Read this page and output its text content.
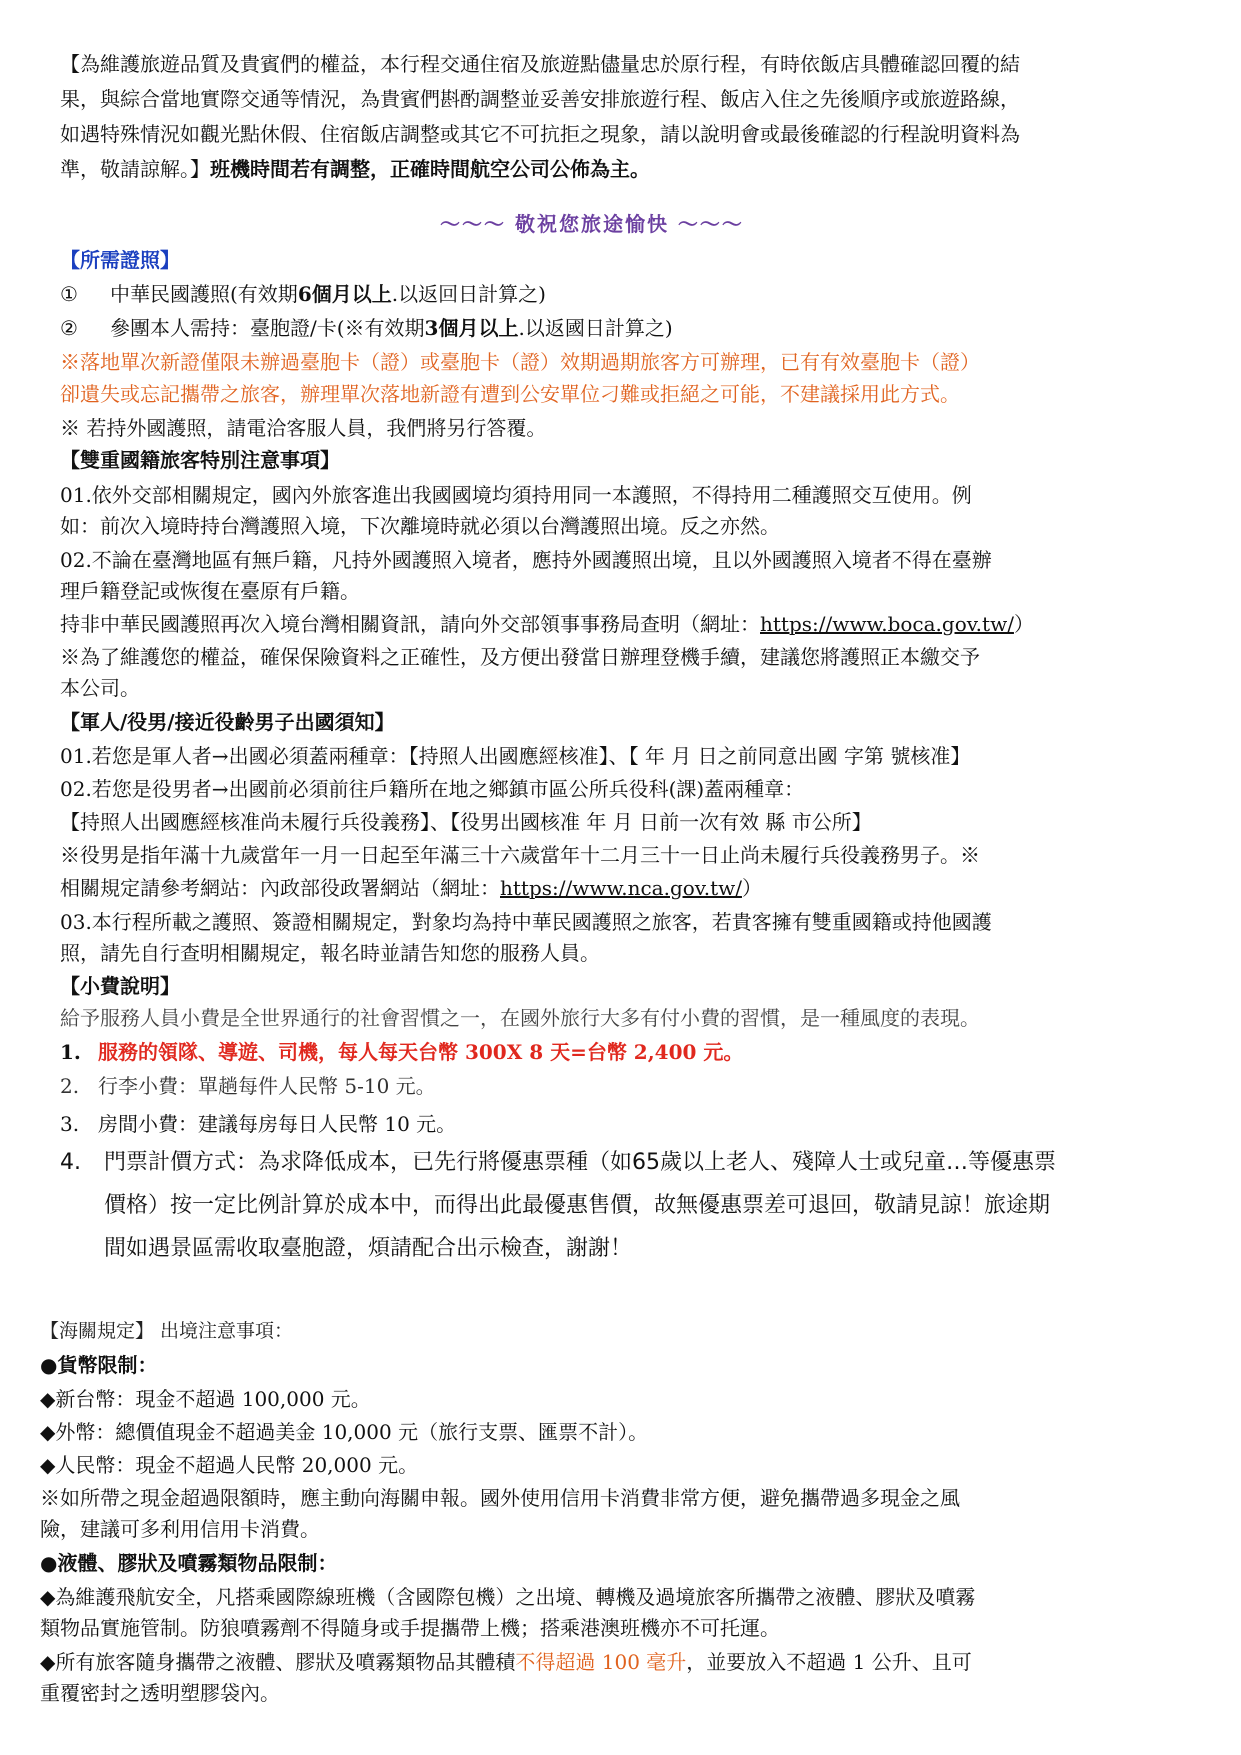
【為維護旅遊品質及貴賓們的權益，本行程交通住宿及旅遊點儘量忠於原行程，有時依飯店具體確認回覆的結
果，與綜合當地實際交通等情況，為貴賓們斟酌調整並妥善安排旅遊行程、飯店入住之先後順序或旅遊路線，
如遇特殊情況如觀光點休假、住宿飯店調整或其它不可抗拒之現象，請以說明會或最後確認的行程說明資料為
準，敬請諒解。】班機時間若有調整，正確時間航空公司公佈為主。
～～～ 敬祝您旅途愉快 ～～～
【所需證照】
① 中華民國護照(有效期6個月以上.以返回日計算之)
② 參團本人需持：臺胞證/卡(※有效期3個月以上.以返國日計算之)
※落地單次新證僅限未辦過臺胞卡（證）或臺胞卡（證）效期過期旅客方可辦理，已有有效臺胞卡（證）
卻遺失或忘記攜帶之旅客，辦理單次落地新證有遭到公安單位刁難或拒絕之可能，不建議採用此方式。
※ 若持外國護照，請電洽客服人員，我們將另行答覆。
【雙重國籍旅客特別注意事項】
01.依外交部相關規定，國內外旅客進出我國國境均須持用同一本護照，不得持用二種護照交互使用。例
如：前次入境時持台灣護照入境，下次離境時就必須以台灣護照出境。反之亦然。
02.不論在臺灣地區有無戶籍，凡持外國護照入境者，應持外國護照出境，且以外國護照入境者不得在臺辦
理戶籍登記或恢復在臺原有戶籍。
持非中華民國護照再次入境台灣相關資訊，請向外交部領事事務局查明（網址：https://www.boca.gov.tw/）
※為了維護您的權益，確保保險資料之正確性，及方便出發當日辦理登機手續，建議您將護照正本繳交予
本公司。
【軍人/役男/接近役齡男子出國須知】
01.若您是軍人者→出國必須蓋兩種章：【持照人出國應經核准】、【 年 月 日之前同意出國 字第 號核准】
02.若您是役男者→出國前必須前往戶籍所在地之鄉鎮市區公所兵役科(課)蓋兩種章：
【持照人出國應經核准尚未履行兵役義務】、【役男出國核准 年 月 日前一次有效 縣 市公所】
※役男是指年滿十九歲當年一月一日起至年滿三十六歲當年十二月三十一日止尚未履行兵役義務男子。※
相關規定請參考網站：內政部役政署網站（網址：https://www.nca.gov.tw/）
03.本行程所載之護照、簽證相關規定，對象均為持中華民國護照之旅客，若貴客擁有雙重國籍或持他國護
照，請先自行查明相關規定，報名時並請告知您的服務人員。
【小費說明】
給予服務人員小費是全世界通行的社會習慣之一，在國外旅行大多有付小費的習慣，是一種風度的表現。
1. 服務的領隊、導遊、司機，每人每天台幣 300X 8 天=台幣 2,400 元。
2. 行李小費：單趟每件人民幣 5-10 元。
3. 房間小費：建議每房每日人民幣 10 元。
4. 門票計價方式：為求降低成本，已先行將優惠票種（如65歲以上老人、殘障人士或兒童…等優惠票
價格）按一定比例計算於成本中，而得出此最優惠售價，故無優惠票差可退回，敬請見諒！旅途期
間如遇景區需收取臺胞證，煩請配合出示檢查，謝謝！
【海關規定】 出境注意事項：
●貨幣限制：
◆新台幣：現金不超過 100,000 元。
◆外幣：總價值現金不超過美金 10,000 元（旅行支票、匯票不計）。
◆人民幣：現金不超過人民幣 20,000 元。
※如所帶之現金超過限額時，應主動向海關申報。國外使用信用卡消費非常方便，避免攜帶過多現金之風
險，建議可多利用信用卡消費。
●液體、膠狀及噴霧類物品限制：
◆為維護飛航安全，凡搭乘國際線班機（含國際包機）之出境、轉機及過境旅客所攜帶之液體、膠狀及噴霧
類物品實施管制。防狼噴霧劑不得隨身或手提攜帶上機；搭乘港澳班機亦不可托運。
◆所有旅客隨身攜帶之液體、膠狀及噴霧類物品其體積不得超過 100 毫升，並要放入不超過 1 公升、且可
重覆密封之透明塑膠袋內。
